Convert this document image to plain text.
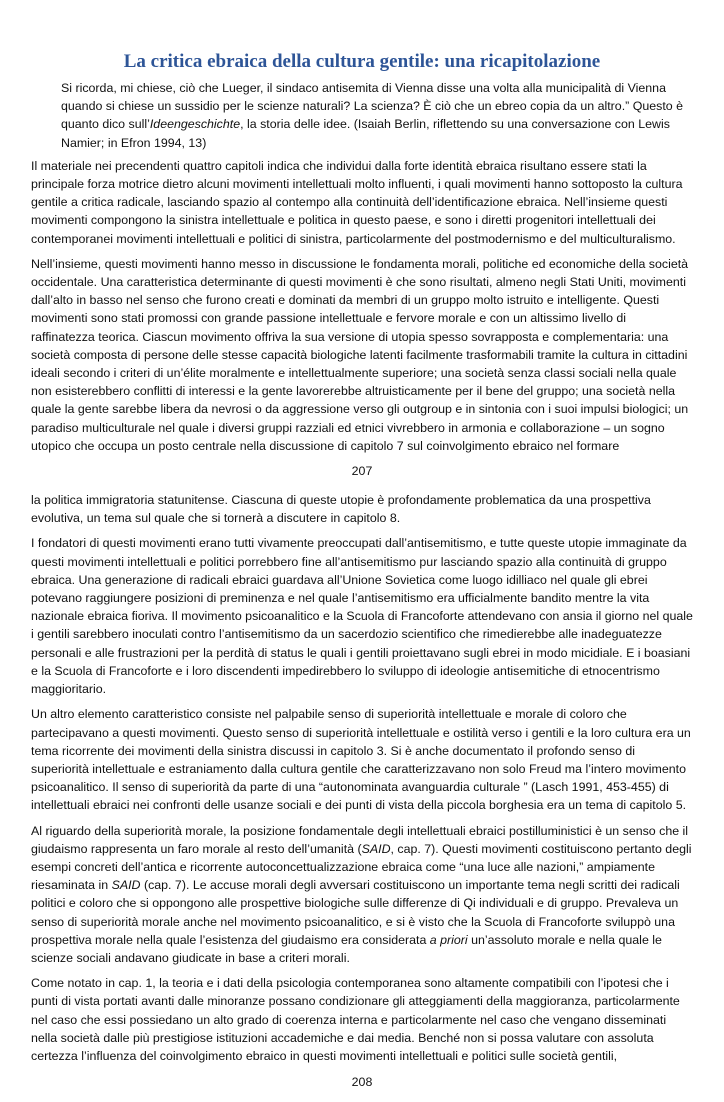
La critica ebraica della cultura gentile: una ricapitolazione
Si ricorda, mi chiese, ciò che Lueger, il sindaco antisemita di Vienna disse una volta alla municipalità di Vienna quando si chiese un sussidio per le scienze naturali? La scienza? È ciò che un ebreo copia da un altro.” Questo è quanto dico sull’Ideengeschichte, la storia delle idee. (Isaiah Berlin, riflettendo su una conversazione con Lewis Namier; in Efron 1994, 13)

Il materiale nei precendenti quattro capitoli indica che individui dalla forte identità ebraica risultano essere stati la principale forza motrice dietro alcuni movimenti intellettuali molto influenti, i quali movimenti hanno sottoposto la cultura gentile a critica radicale, lasciando spazio al contempo alla continuità dell’identificazione ebraica. Nell’insieme questi movimenti compongono la sinistra intellettuale e politica in questo paese, e sono i diretti progenitori intellettuali dei contemporanei movimenti intellettuali e politici di sinistra, particolarmente del postmodernismo e del multiculturalismo.

Nell’insieme, questi movimenti hanno messo in discussione le fondamenta morali, politiche ed economiche della società occidentale. Una caratteristica determinante di questi movimenti è che sono risultati, almeno negli Stati Uniti, movimenti dall’alto in basso nel senso che furono creati e dominati da membri di un gruppo molto istruito e intelligente. Questi movimenti sono stati promossi con grande passione intellettuale e fervore morale e con un altissimo livello di raffinatezza teorica. Ciascun movimento offriva la sua versione di utopia spesso sovrapposta e complementaria: una società composta di persone delle stesse capacità biologiche latenti facilmente trasformabili tramite la cultura in cittadini ideali secondo i criteri di un’élite moralmente e intellettualmente superiore; una società senza classi sociali nella quale non esisterebbero conflitti di interessi e la gente lavorerebbe altruisticamente per il bene del gruppo; una società nella quale la gente sarebbe libera da nevrosi o da aggressione verso gli outgroup e in sintonia con i suoi impulsi biologici; un paradiso multiculturale nel quale i diversi gruppi razziali ed etnici vivrebbero in armonia e collaborazione – un sogno utopico che occupa un posto centrale nella discussione di capitolo 7 sul coinvolgimento ebraico nel formare

207

la politica immigratoria statunitense. Ciascuna di queste utopie è profondamente problematica da una prospettiva evolutiva, un tema sul quale che si tornerà a discutere in capitolo 8.

I fondatori di questi movimenti erano tutti vivamente preoccupati dall’antisemitismo, e tutte queste utopie immaginate da questi movimenti intellettuali e politici porrebbero fine all’antisemitismo pur lasciando spazio alla continuità di gruppo ebraica. Una generazione di radicali ebraici guardava all’Unione Sovietica come luogo idilliaco nel quale gli ebrei potevano raggiungere posizioni di preminenza e nel quale l’antisemitismo era ufficialmente bandito mentre la vita nazionale ebraica fioriva. Il movimento psicoanalitico e la Scuola di Francoforte attendevano con ansia il giorno nel quale i gentili sarebbero inoculati contro l’antisemitismo da un sacerdozio scientifico che rimedierebbe alle inadeguatezze personali e alle frustrazioni per la perdità di status le quali i gentili proiettavano sugli ebrei in modo micidiale. E i boasiani e la Scuola di Francoforte e i loro discendenti impedirebbero lo sviluppo di ideologie antisemitiche di etnocentrismo maggioritario.

Un altro elemento caratteristico consiste nel palpabile senso di superiorità intellettuale e morale di coloro che partecipavano a questi movimenti. Questo senso di superiorità intellettuale e ostilità verso i gentili e la loro cultura era un tema ricorrente dei movimenti della sinistra discussi in capitolo 3. Si è anche documentato il profondo senso di superiorità intellettuale e estraniamento dalla cultura gentile che caratterizzavano non solo Freud ma l’intero movimento psicoanalitico. Il senso di superiorità da parte di una “autonominata avanguardia culturale ” (Lasch 1991, 453-455) di intellettuali ebraici nei confronti delle usanze sociali e dei punti di vista della piccola borghesia era un tema di capitolo 5.

Al riguardo della superiorità morale, la posizione fondamentale degli intellettuali ebraici postilluministici è un senso che il giudaismo rappresenta un faro morale al resto dell’umanità (SAID, cap. 7). Questi movimenti costituiscono pertanto degli esempi concreti dell’antica e ricorrente autoconcettualizzazione ebraica come “una luce alle nazioni,” ampiamente riesaminata in SAID (cap. 7). Le accuse morali degli avversari costituiscono un importante tema negli scritti dei radicali politici e coloro che si oppongono alle prospettive biologiche sulle differenze di Qi individuali e di gruppo. Prevaleva un senso di superiorità morale anche nel movimento psicoanalitico, e si è visto che la Scuola di Francoforte sviluppò una prospettiva morale nella quale l’esistenza del giudaismo era considerata a priori un’assoluto morale e nella quale le scienze sociali andavano giudicate in base a criteri morali.

Come notato in cap. 1, la teoria e i dati della psicologia contemporanea sono altamente compatibili con l’ipotesi che i punti di vista portati avanti dalle minoranze possano condizionare gli atteggiamenti della maggioranza, particolarmente nel caso che essi possiedano un alto grado di coerenza interna e particolarmente nel caso che vengano disseminati nella società dalle più prestigiose istituzioni accademiche e dai media. Benché non si possa valutare con assoluta certezza l’influenza del coinvolgimento ebraico in questi movimenti intellettuali e politici sulle società gentili,

208
